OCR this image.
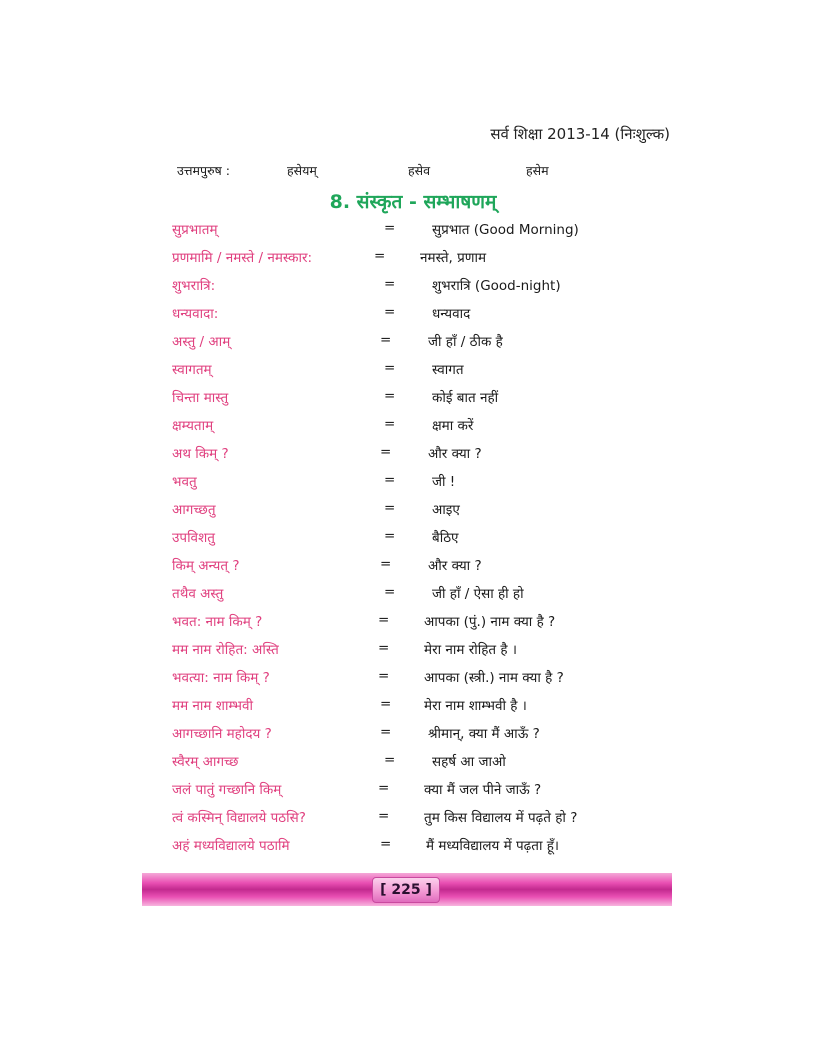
सर्व शिक्षा 2013-14 (निःशुल्क)
उत्तमपुरुष :	हसेयम्	हसेव	हसेम
8. संस्कृत - सम्भाषणम्
सुप्रभातम्	=	सुप्रभात (Good Morning)
प्रणमामि / नमस्ते / नमस्कार:	=	नमस्ते, प्रणाम
शुभरात्रि:	=	शुभरात्रि (Good-night)
धन्यवादा:	=	धन्यवाद
अस्तु / आम्	=	जी हाँ / ठीक है
स्वागतम्	=	स्वागत
चिन्ता मास्तु	=	कोई बात नहीं
क्षम्यताम्	=	क्षमा करें
अथ किम् ?	=	और क्या ?
भवतु	=	जी !
आगच्छतु	=	आइए
उपविशतु	=	बैठिए
किम् अन्यत् ?	=	और क्या ?
तथैव अस्तु	=	जी हाँ / ऐसा ही हो
भवत: नाम किम् ?	=	आपका (पुं.) नाम क्या है ?
मम नाम रोहित: अस्ति	=	मेरा नाम रोहित है ।
भवत्या: नाम किम् ?	=	आपका (स्त्री.) नाम क्या है ?
मम नाम शाम्भवी	= मेरा नाम शाम्भवी है ।
आगच्छानि महोदय ?	=	श्रीमान्, क्या मैं आऊँ ?
स्वैरम् आगच्छ	=	सहर्ष आ जाओ
जलं पातुं गच्छानि किम्	=	क्या मैं जल पीने जाऊँ ?
त्वं कस्मिन् विद्यालये पठसि?	=	तुम किस विद्यालय में पढ़ते हो ?
अहं मध्यविद्यालये पठामि	=	मैं मध्यविद्यालय में पढ़ता हूँ।
[ 225 ]
